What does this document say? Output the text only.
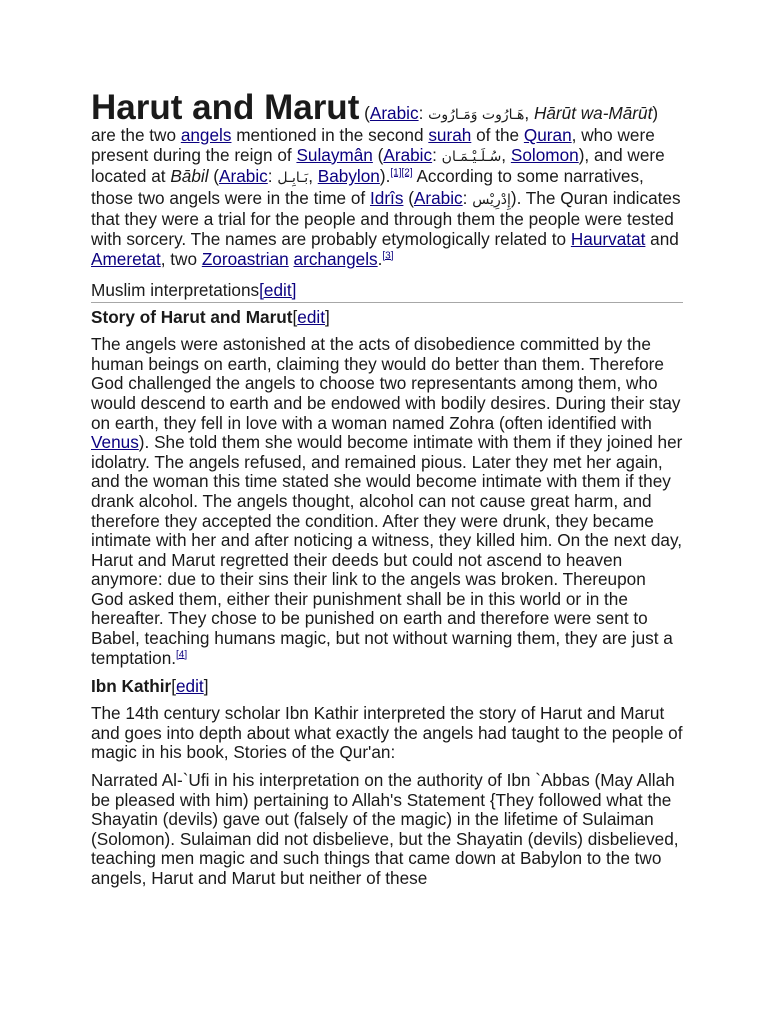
Harut and Marut (Arabic: هَـارُوت وَمَـارُوت, Hārūt wa-Mārūt) are the two angels mentioned in the second surah of the Quran, who were present during the reign of Sulaymân (Arabic: سُـلَـيْـمَـان, Solomon), and were located at Bābil (Arabic: بَـابِـل, Babylon).[1][2] According to some narratives, those two angels were in the time of Idrîs (Arabic: إِدْرِيْس). The Quran indicates that they were a trial for the people and through them the people were tested with sorcery. The names are probably etymologically related to Haurvatat and Ameretat, two Zoroastrian archangels.[3]

Muslim interpretations[edit]
Story of Harut and Marut[edit]

The angels were astonished at the acts of disobedience committed by the human beings on earth, claiming they would do better than them. Therefore God challenged the angels to choose two representants among them, who would descend to earth and be endowed with bodily desires. During their stay on earth, they fell in love with a woman named Zohra (often identified with Venus). She told them she would become intimate with them if they joined her idolatry. The angels refused, and remained pious. Later they met her again, and the woman this time stated she would become intimate with them if they drank alcohol. The angels thought, alcohol can not cause great harm, and therefore they accepted the condition. After they were drunk, they became intimate with her and after noticing a witness, they killed him. On the next day, Harut and Marut regretted their deeds but could not ascend to heaven anymore: due to their sins their link to the angels was broken. Thereupon God asked them, either their punishment shall be in this world or in the hereafter. They chose to be punished on earth and therefore were sent to Babel, teaching humans magic, but not without warning them, they are just a temptation.[4]

Ibn Kathir[edit]

The 14th century scholar Ibn Kathir interpreted the story of Harut and Marut and goes into depth about what exactly the angels had taught to the people of magic in his book, Stories of the Qur'an:

Narrated Al-`Ufi in his interpretation on the authority of Ibn `Abbas (May Allah be pleased with him) pertaining to Allah's Statement {They followed what the Shayatin (devils) gave out (falsely of the magic) in the lifetime of Sulaiman (Solomon). Sulaiman did not disbelieve, but the Shayatin (devils) disbelieved, teaching men magic and such things that came down at Babylon to the two angels, Harut and Marut but neither of these
